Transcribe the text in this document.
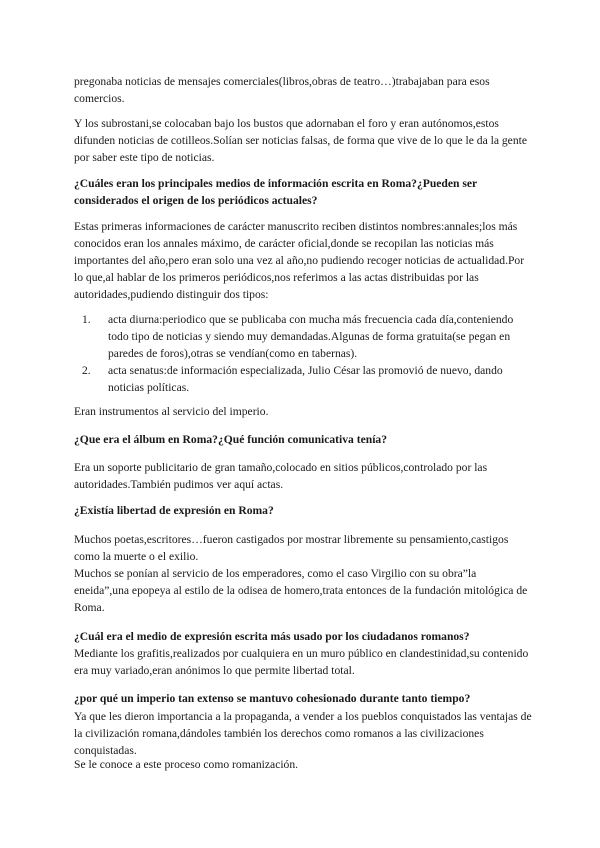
pregonaba noticias de mensajes comerciales(libros,obras de teatro…)trabajaban para esos comercios.

Y los subrostani,se colocaban bajo los bustos que adornaban el foro y eran autónomos,estos difunden noticias de cotilleos.Solían ser noticias falsas, de forma que vive de lo que le da la gente por saber este tipo de noticias.

¿Cuáles eran los principales medios de información escrita en Roma?¿Pueden ser considerados el origen de los periódicos actuales?

Estas primeras informaciones de carácter manuscrito reciben distintos nombres:annales;los más conocidos eran los annales máximo, de carácter oficial,donde se recopilan las noticias más importantes del año,pero eran solo una vez al año,no pudiendo recoger noticias de actualidad.Por lo que,al hablar de los primeros periódicos,nos referimos a las actas distribuidas por las autoridades,pudiendo distinguir dos tipos:

1. acta diurna:periodico que se publicaba con mucha más frecuencia cada día,conteniendo todo tipo de noticias y siendo muy demandadas.Algunas de forma gratuita(se pegan en paredes de foros),otras se vendían(como en tabernas).
2. acta senatus:de información especializada, Julio César las promovió de nuevo, dando noticias políticas.

Eran instrumentos al servicio del imperio.

¿Que era el álbum en Roma?¿Qué función comunicativa tenía?

Era un soporte publicitario de gran tamaño,colocado en sitios públicos,controlado por las autoridades.También pudimos ver aquí actas.

¿Existía libertad de expresión en Roma?

Muchos poetas,escritores…fueron castigados por mostrar libremente su pensamiento,castigos como la muerte o el exilio.

Muchos se ponían al servicio de los emperadores, como el caso Virgilio con su obra”la eneida”,una epopeya al estilo de la odisea de homero,trata entonces de la fundación mitológica de Roma.

¿Cuál era el medio de expresión escrita más usado por los ciudadanos romanos?

Mediante los grafitis,realizados por cualquiera en un muro público en clandestinidad,su contenido era muy variado,eran anónimos lo que permite libertad total.

¿por qué un imperio tan extenso se mantuvo cohesionado durante tanto tiempo?

Ya que les dieron importancia a la propaganda, a vender a los pueblos conquistados las ventajas de la civilización romana,dándoles también los derechos como romanos a las civilizaciones conquistadas.

Se le conoce a este proceso como romanización.
